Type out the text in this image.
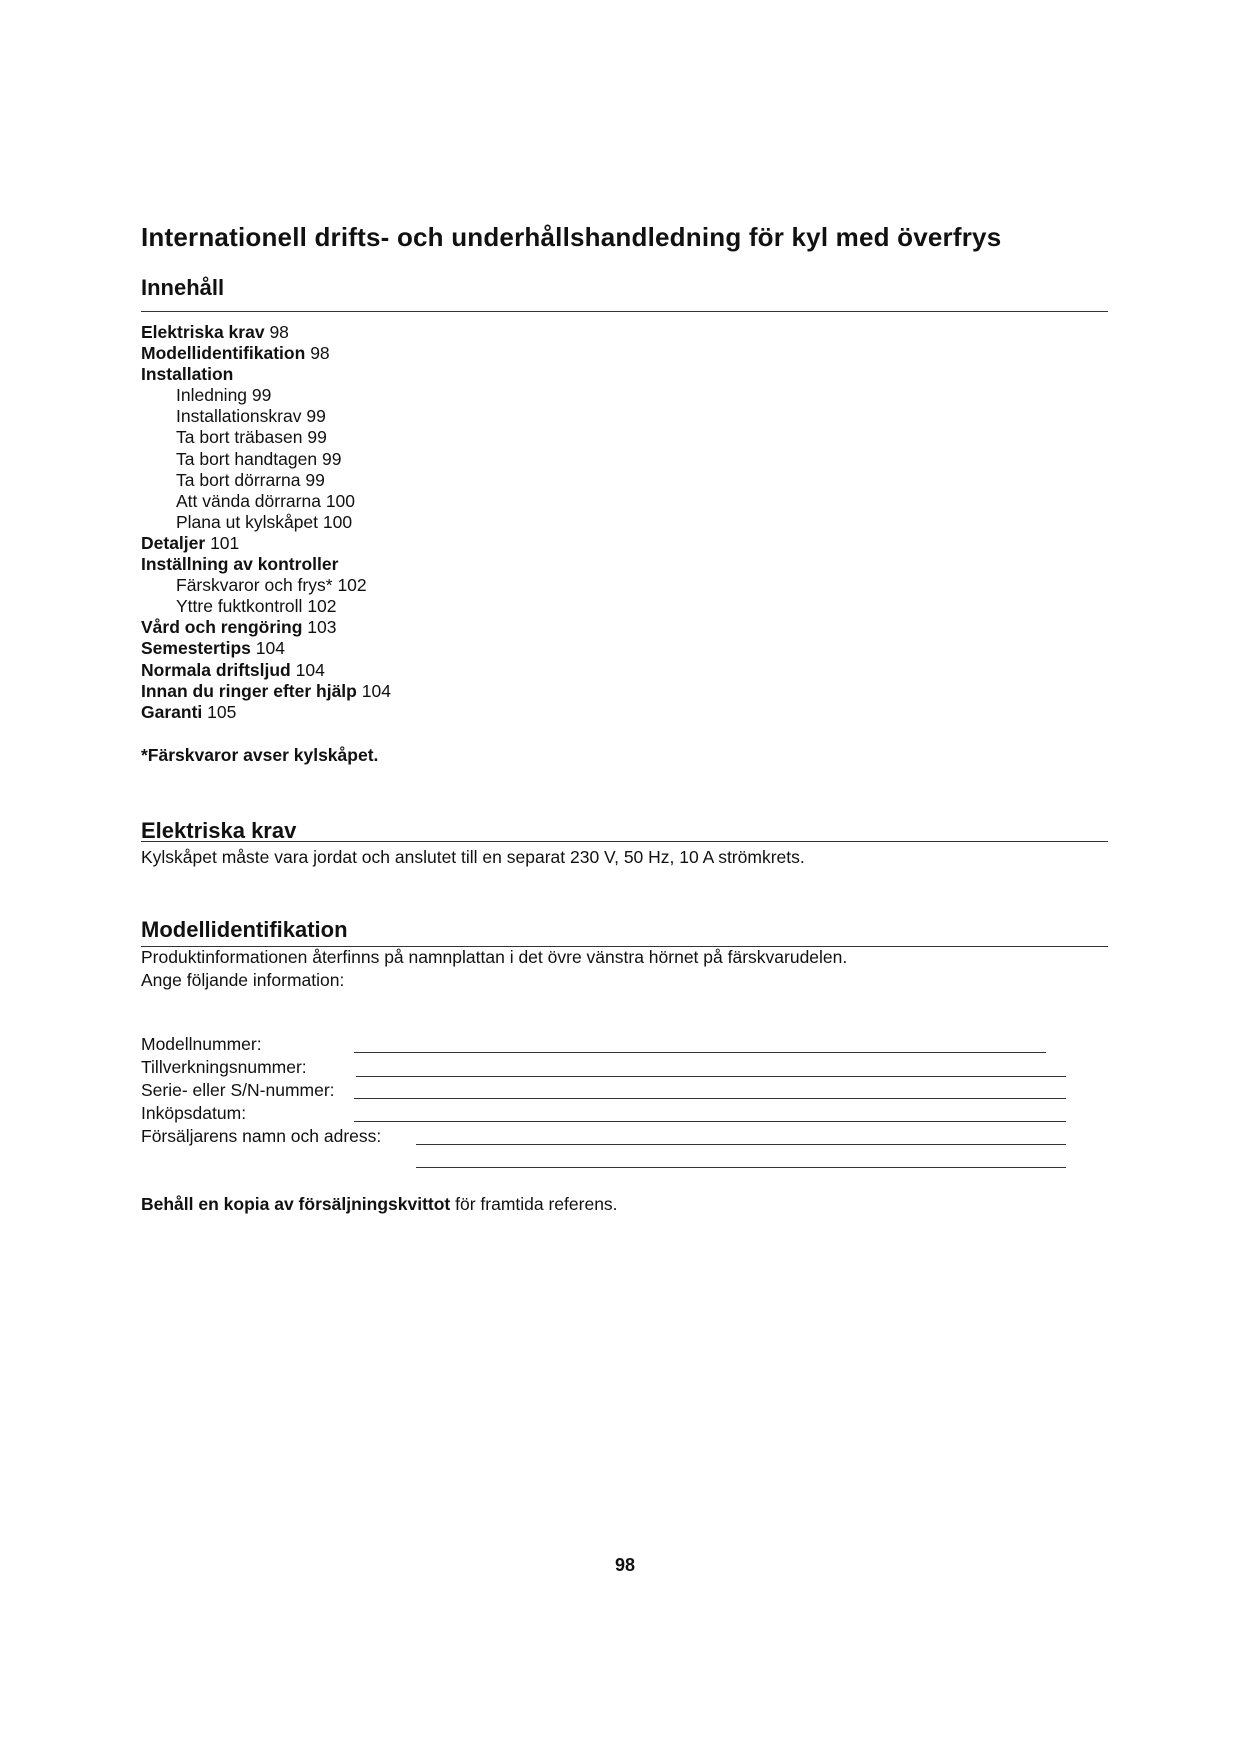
Internationell drifts- och underhållshandledning för kyl med överfrys
Innehåll
Elektriska krav 98
Modellidentifikation 98
Installation
Inledning 99
Installationskrav 99
Ta bort träbasen 99
Ta bort handtagen 99
Ta bort dörrarna 99
Att vända dörrarna 100
Plana ut kylskåpet 100
Detaljer 101
Inställning av kontroller
Färskvaror och frys* 102
Yttre fuktkontroll 102
Vård och rengöring 103
Semestertips 104
Normala driftsljud 104
Innan du ringer efter hjälp 104
Garanti 105
*Färskvaror avser kylskåpet.
Elektriska krav
Kylskåpet måste vara jordat och anslutet till en separat 230 V, 50 Hz, 10 A strömkrets.
Modellidentifikation
Produktinformationen återfinns på namnplattan i det övre vänstra hörnet på färskvarudelen.
Ange följande information:
Modellnummer:
Tillverkningsnummer:
Serie- eller S/N-nummer:
Inköpsdatum:
Försäljarens namn och adress:
Behåll en kopia av försäljningskvittot för framtida referens.
98
